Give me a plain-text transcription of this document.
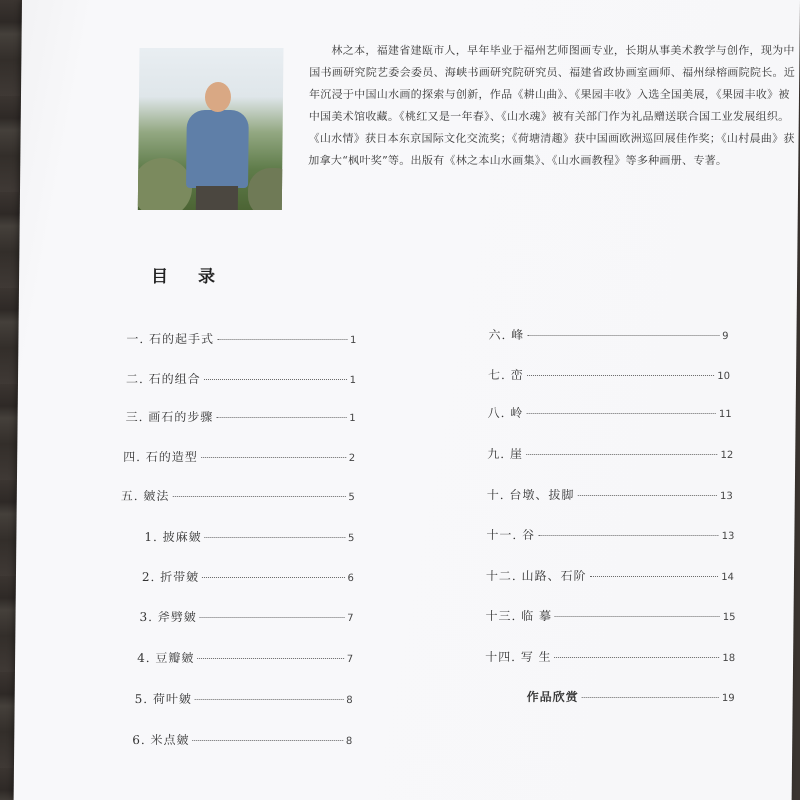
林之本，福建省建瓯市人，早年毕业于福州艺师图画专业，长期从事美术教学与创作，现为中国书画研究院艺委会委员、海峡书画研究院研究员、福建省政协画室画师、福州绿榕画院院长。近年沉浸于中国山水画的探索与创新，作品《耕山曲》、《果园丰收》入选全国美展，《果园丰收》被中国美术馆收藏。《桃红又是一年春》、《山水魂》被有关部门作为礼品赠送联合国工业发展组织。《山水情》获日本东京国际文化交流奖；《荷塘清趣》获中国画欧洲巡回展佳作奖；《山村晨曲》获加拿大“枫叶奖”等。出版有《林之本山水画集》、《山水画教程》等多种画册、专著。

目 录
一. 石的起手式	1
二. 石的组合	1
三. 画石的步骤	1
四. 石的造型	2
五. 皴法	5
1. 披麻皴	5
2. 折带皴	6
3. 斧劈皴	7
4. 豆瓣皴	7
5. 荷叶皴	8
6. 米点皴	8
六. 峰	9
七. 峦	10
八. 岭	11
九. 崖	12
十. 台墩、拔脚	13
十一. 谷	13
十二. 山路、石阶	14
十三. 临 摹	15
十四. 写 生	18
作品欣赏	19
